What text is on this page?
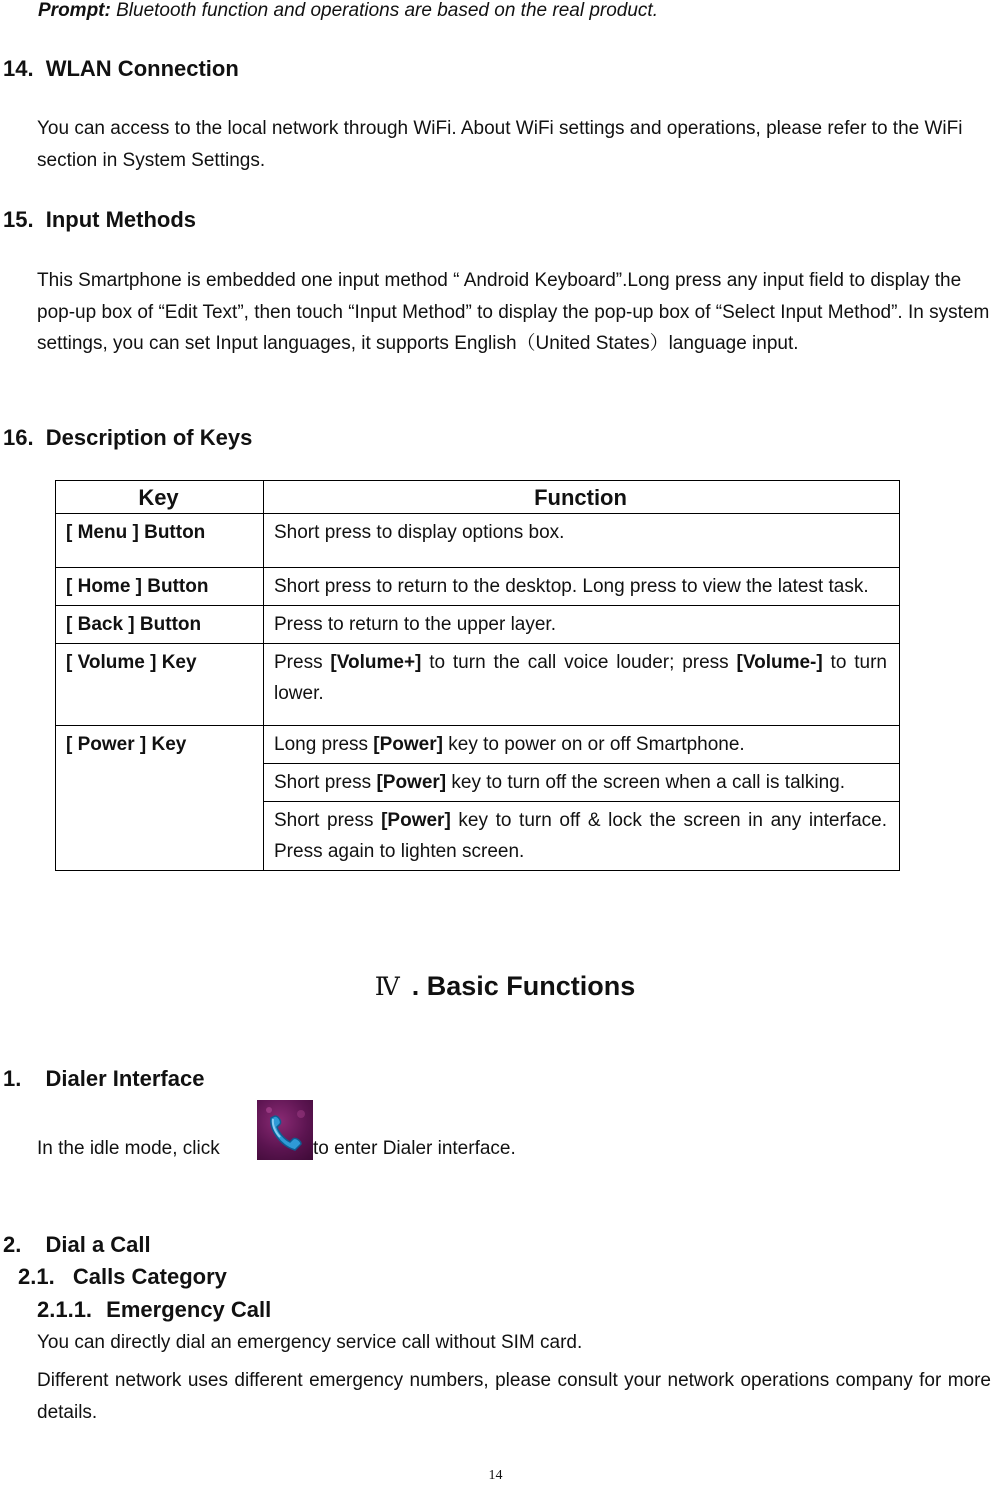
Prompt: Bluetooth function and operations are based on the real product.
14. WLAN Connection
You can access to the local network through WiFi. About WiFi settings and operations, please refer to the WiFi section in System Settings.
15. Input Methods
This Smartphone is embedded one input method “ Android Keyboard”.Long press any input field to display the pop-up box of “Edit Text”, then touch “Input Method” to display the pop-up box of “Select Input Method”. In system settings, you can set Input languages, it supports English（United States）language input.
16. Description of Keys
Key	Function
[ Menu ] Button	Short press to display options box.
[ Home ] Button	Short press to return to the desktop. Long press to view the latest task.
[ Back ] Button	Press to return to the upper layer.
[ Volume ] Key	Press [Volume+] to turn the call voice louder; press [Volume-] to turn lower.
[ Power ] Key	Long press [Power] key to power on or off Smartphone.
	Short press [Power] key to turn off the screen when a call is talking.
	Short press [Power] key to turn off & lock the screen in any interface. Press again to lighten screen.
Ⅳ . Basic Functions
1. Dialer Interface
In the idle mode, click	to enter Dialer interface.
2. Dial a Call
2.1. Calls Category
2.1.1. Emergency Call
You can directly dial an emergency service call without SIM card.
Different network uses different emergency numbers, please consult your network operations company for more details.
14
